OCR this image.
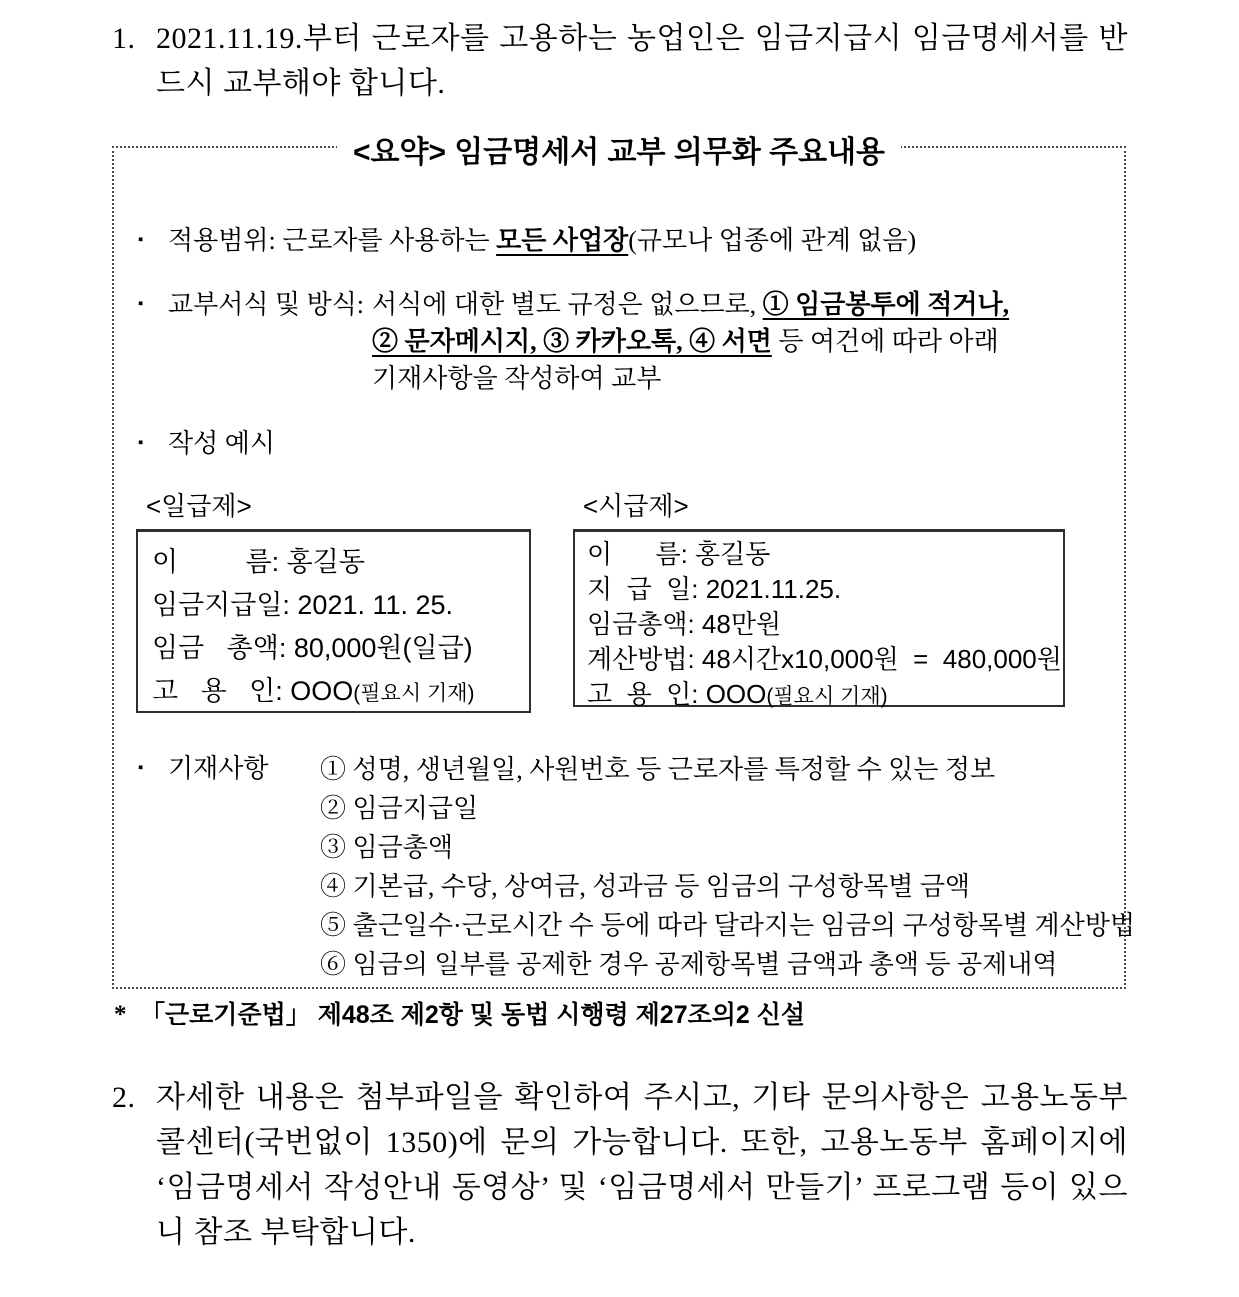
1. 2021.11.19.부터 근로자를 고용하는 농업인은 임금지급시 임금명세서를 반드시 교부해야 합니다.
<요약> 임금명세서 교부 의무화 주요내용
▪ 적용범위: 근로자를 사용하는 모든 사업장(규모나 업종에 관계 없음)
▪ 교부서식 및 방식: 서식에 대한 별도 규정은 없으므로, ① 임금봉투에 적거나,
② 문자메시지, ③ 카카오톡, ④ 서면 등 여건에 따라 아래
기재사항을 작성하여 교부
▪ 작성 예시
<일급제>
이         름: 홍길동
임금지급일: 2021. 11. 25.
임금   총액: 80,000원(일급)
고   용   인: OOO(필요시 기재)
<시급제>
이      름: 홍길동
지  급  일: 2021.11.25.
임금총액: 48만원
계산방법: 48시간x10,000원  =  480,000원
고  용  인: OOO(필요시 기재)
▪ 기재사항	① 성명, 생년월일, 사원번호 등 근로자를 특정할 수 있는 정보
② 임금지급일
③ 임금총액
④ 기본급, 수당, 상여금, 성과금 등 임금의 구성항목별 금액
⑤ 출근일수·근로시간 수 등에 따라 달라지는 임금의 구성항목별 계산방법
⑥ 임금의 일부를 공제한 경우 공제항목별 금액과 총액 등 공제내역
* 「근로기준법」 제48조 제2항 및 동법 시행령 제27조의2 신설
2. 자세한 내용은 첨부파일을 확인하여 주시고, 기타 문의사항은 고용노동부 콜센터(국번없이 1350)에 문의 가능합니다. 또한, 고용노동부 홈페이지에 ‘임금명세서 작성안내 동영상’ 및 ‘임금명세서 만들기’ 프로그램 등이 있으니 참조 부탁합니다.
